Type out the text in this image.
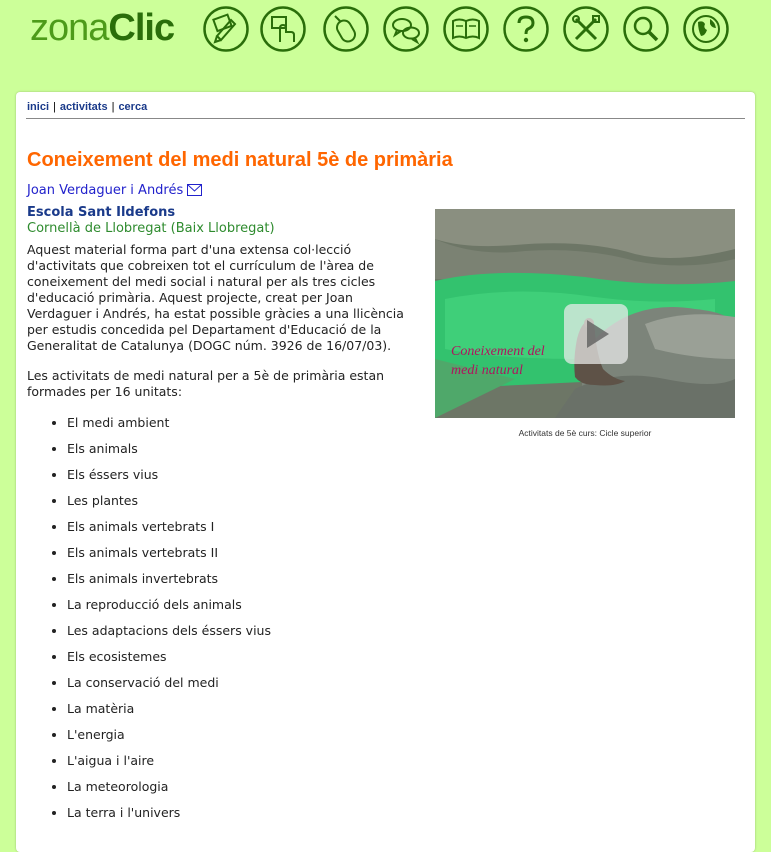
zonaClic
inici | activitats | cerca
Coneixement del medi natural 5è de primària
Joan Verdaguer i Andrés
Escola Sant Ildefons
Cornellà de Llobregat (Baix Llobregat)

Aquest material forma part d'una extensa col·lecció d'activitats que cobreixen tot el currículum de l'àrea de coneixement del medi social i natural per als tres cicles d'educació primària. Aquest projecte, creat per Joan Verdaguer i Andrés, ha estat possible gràcies a una llicència per estudis concedida pel Departament d'Educació de la Generalitat de Catalunya (DOGC núm. 3926 de 16/07/03).

Les activitats de medi natural per a 5è de primària estan formades per 16 unitats:

• El medi ambient
• Els animals
• Els éssers vius
• Les plantes
• Els animals vertebrats I
• Els animals vertebrats II
• Els animals invertebrats
• La reproducció dels animals
• Les adaptacions dels éssers vius
• Els ecosistemes
• La conservació del medi
• La matèria
• L'energia
• L'aigua i l'aire
• La meteorologia
• La terra i l'univers
Coneixement del
medi natural
Activitats de 5è curs: Cicle superior
